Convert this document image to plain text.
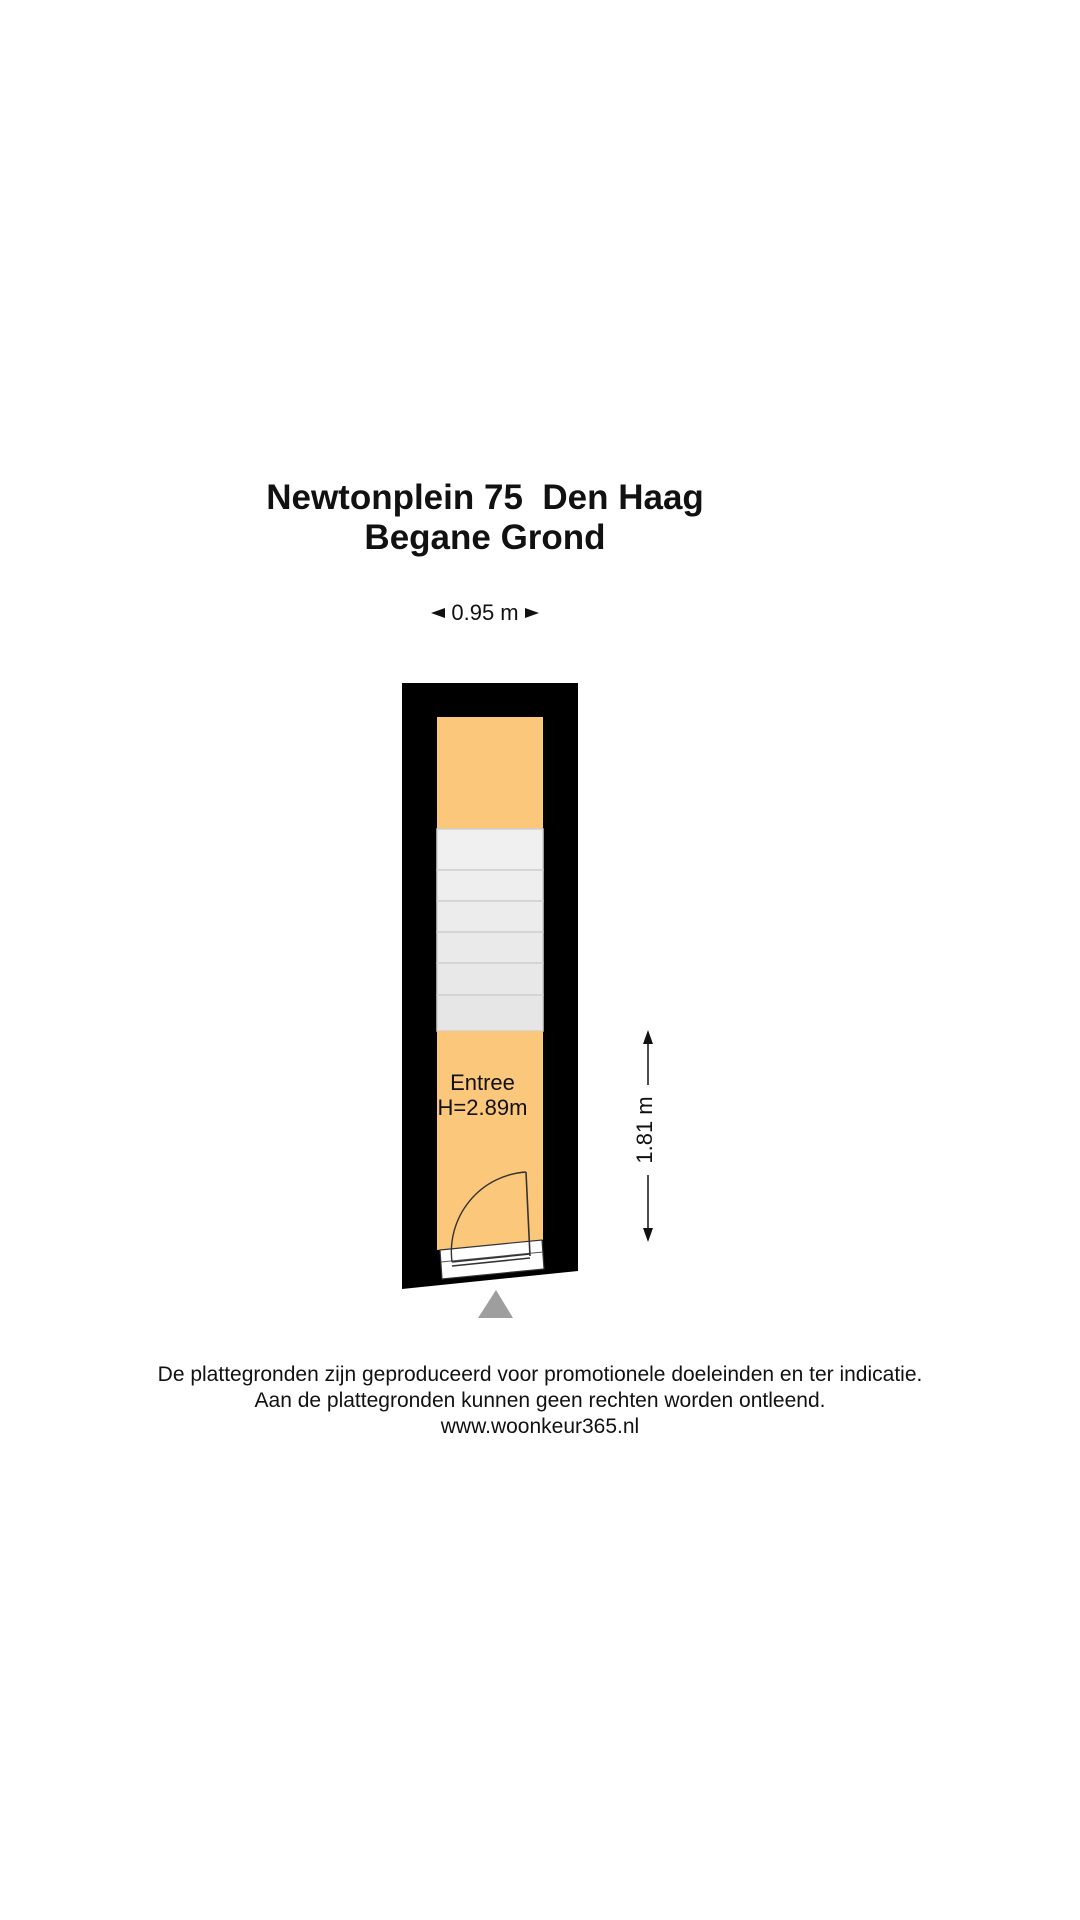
Newtonplein 75  Den Haag
Begane Grond
0.95 m
1.81 m
Entree
H=2.89m
De plattegronden zijn geproduceerd voor promotionele doeleinden en ter indicatie.
Aan de plattegronden kunnen geen rechten worden ontleend.
www.woonkeur365.nl
